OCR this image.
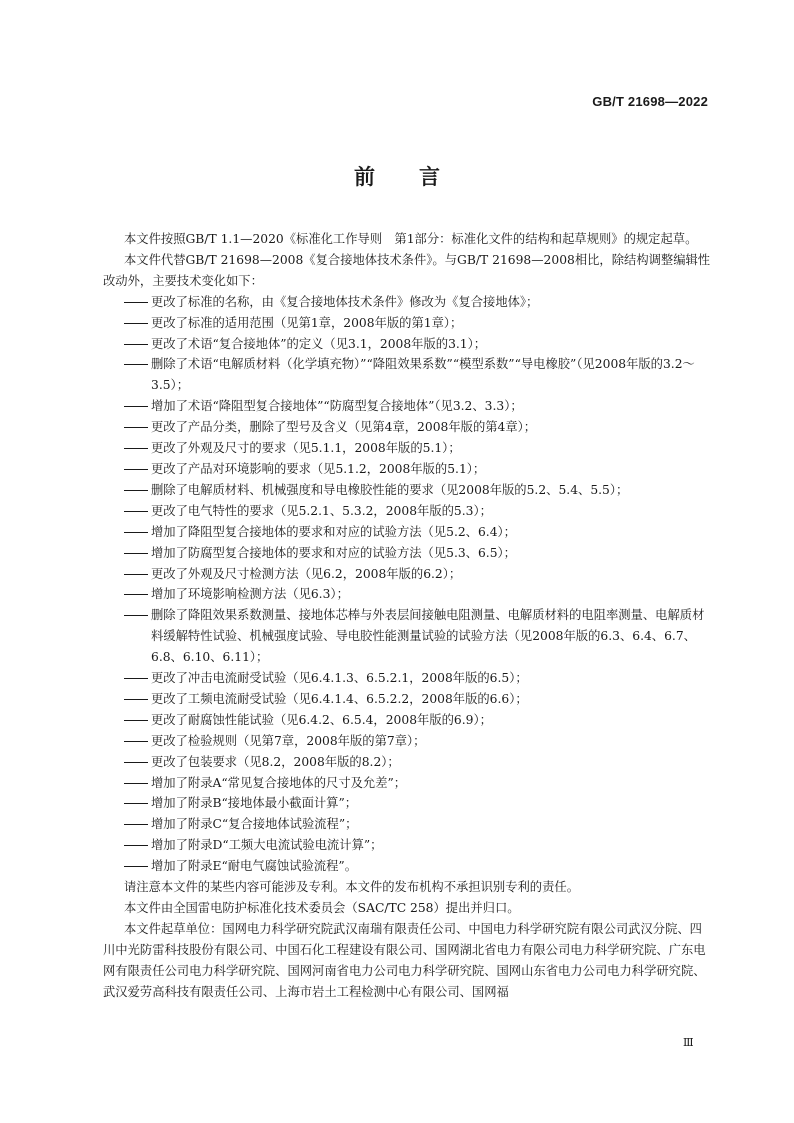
GB/T 21698—2022
前 言

本文件按照GB/T 1.1—2020《标准化工作导则　第1部分：标准化文件的结构和起草规则》的规定起草。

本文件代替GB/T 21698—2008《复合接地体技术条件》。与GB/T 21698—2008相比，除结构调整编辑性改动外，主要技术变化如下：

更改了标准的名称，由《复合接地体技术条件》修改为《复合接地体》；

更改了标准的适用范围（见第1章，2008年版的第1章）；

更改了术语“复合接地体”的定义（见3.1，2008年版的3.1）；

删除了术语“电解质材料（化学填充物）”“降阻效果系数”“模型系数”“导电橡胶”（见2008年版的3.2～3.5）；

增加了术语“降阻型复合接地体”“防腐型复合接地体”（见3.2、3.3）；

更改了产品分类，删除了型号及含义（见第4章，2008年版的第4章）；

更改了外观及尺寸的要求（见5.1.1，2008年版的5.1）；

更改了产品对环境影响的要求（见5.1.2，2008年版的5.1）；

删除了电解质材料、机械强度和导电橡胶性能的要求（见2008年版的5.2、5.4、5.5）；

更改了电气特性的要求（见5.2.1、5.3.2，2008年版的5.3）；

增加了降阻型复合接地体的要求和对应的试验方法（见5.2、6.4）；

增加了防腐型复合接地体的要求和对应的试验方法（见5.3、6.5）；

更改了外观及尺寸检测方法（见6.2，2008年版的6.2）；

增加了环境影响检测方法（见6.3）；

删除了降阻效果系数测量、接地体芯棒与外表层间接触电阻测量、电解质材料的电阻率测量、电解质材料缓解特性试验、机械强度试验、导电胶性能测量试验的试验方法（见2008年版的6.3、6.4、6.7、6.8、6.10、6.11）；

更改了冲击电流耐受试验（见6.4.1.3、6.5.2.1，2008年版的6.5）；

更改了工频电流耐受试验（见6.4.1.4、6.5.2.2，2008年版的6.6）；

更改了耐腐蚀性能试验（见6.4.2、6.5.4，2008年版的6.9）；

更改了检验规则（见第7章，2008年版的第7章）；

更改了包装要求（见8.2，2008年版的8.2）；

增加了附录A“常见复合接地体的尺寸及允差”；

增加了附录B“接地体最小截面计算”；

增加了附录C“复合接地体试验流程”；

增加了附录D“工频大电流试验电流计算”；

增加了附录E“耐电气腐蚀试验流程”。

请注意本文件的某些内容可能涉及专利。本文件的发布机构不承担识别专利的责任。

本文件由全国雷电防护标准化技术委员会（SAC/TC 258）提出并归口。

本文件起草单位：国网电力科学研究院武汉南瑞有限责任公司、中国电力科学研究院有限公司武汉分院、四川中光防雷科技股份有限公司、中国石化工程建设有限公司、国网湖北省电力有限公司电力科学研究院、广东电网有限责任公司电力科学研究院、国网河南省电力公司电力科学研究院、国网山东省电力公司电力科学研究院、武汉爱劳高科技有限责任公司、上海市岩土工程检测中心有限公司、国网福

Ⅲ
